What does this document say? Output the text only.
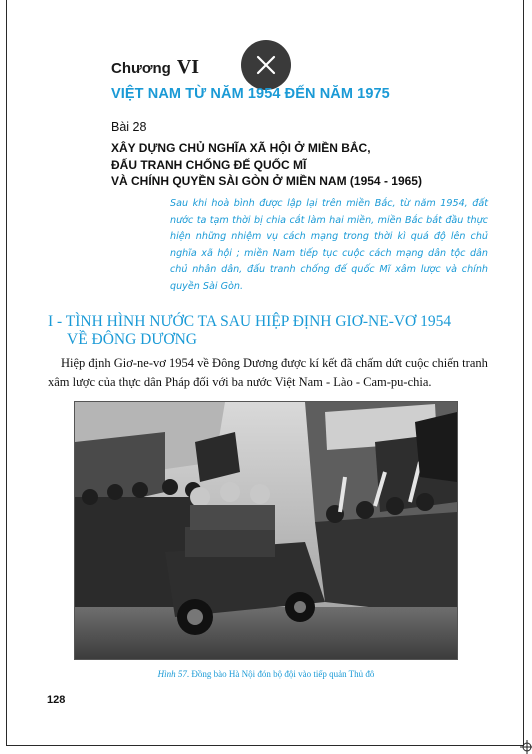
Chương VI
VIỆT NAM TỪ NĂM 1954 ĐẾN NĂM 1975
Bài 28
XÂY DỰNG CHỦ NGHĨA XÃ HỘI Ở MIỀN BẮC,
ĐẤU TRANH CHỐNG ĐẾ QUỐC MĨ
VÀ CHÍNH QUYỀN SÀI GÒN Ở MIỀN NAM (1954 - 1965)
Sau khi hoà bình được lập lại trên miền Bắc, từ năm 1954, đất nước ta tạm thời bị chia cắt làm hai miền, miền Bắc bắt đầu thực hiện những nhiệm vụ cách mạng trong thời kì quá độ lên chủ nghĩa xã hội ; miền Nam tiếp tục cuộc cách mạng dân tộc dân chủ nhân dân, đấu tranh chống đế quốc Mĩ xâm lược và chính quyền Sài Gòn.
I - TÌNH HÌNH NƯỚC TA SAU HIỆP ĐỊNH GIƠ-NE-VƠ 1954
VỀ ĐÔNG DƯƠNG
Hiệp định Giơ-ne-vơ 1954 về Đông Dương được kí kết đã chấm dứt cuộc chiến tranh xâm lược của thực dân Pháp đối với ba nước Việt Nam - Lào - Cam-pu-chia.
Hình 57. Đồng bào Hà Nội đón bộ đội vào tiếp quản Thủ đô
128
